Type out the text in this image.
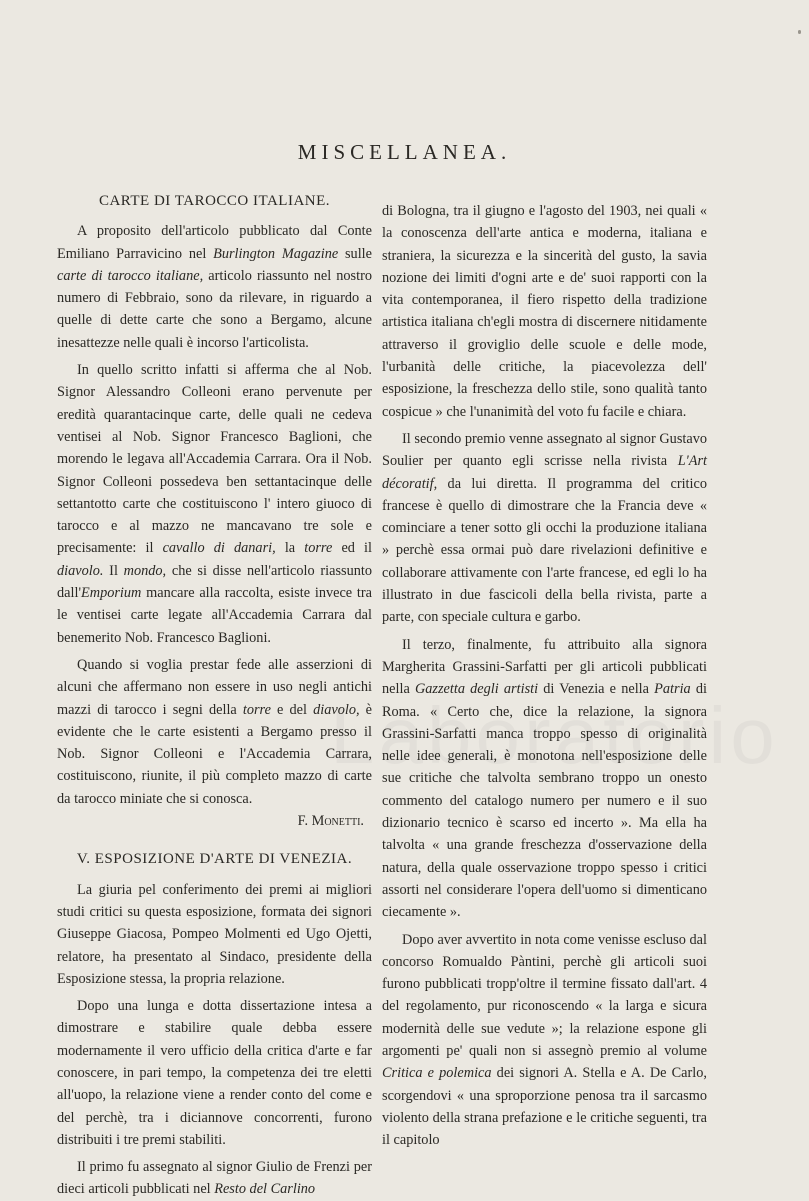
MISCELLANEA.
CARTE DI TAROCCO ITALIANE.

A proposito dell'articolo pubblicato dal Conte Emiliano Parravicino nel Burlington Magazine sulle carte di tarocco italiane, articolo riassunto nel nostro numero di Febbraio, sono da rilevare, in riguardo a quelle di dette carte che sono a Bergamo, alcune inesattezze nelle quali è incorso l'articolista.

In quello scritto infatti si afferma che al Nob. Signor Alessandro Colleoni erano pervenute per eredità quarantacinque carte, delle quali ne cedeva ventisei al Nob. Signor Francesco Baglioni, che morendo le legava all'Accademia Carrara. Ora il Nob. Signor Colleoni possedeva ben settantacinque delle settantotto carte che costituiscono l' intero giuoco di tarocco e al mazzo ne mancavano tre sole e precisamente: il cavallo di danari, la torre ed il diavolo. Il mondo, che si disse nell'articolo riassunto dall'Emporium mancare alla raccolta, esiste invece tra le ventisei carte legate all'Accademia Carrara dal benemerito Nob. Francesco Baglioni.

Quando si voglia prestar fede alle asserzioni di alcuni che affermano non essere in uso negli antichi mazzi di tarocco i segni della torre e del diavolo, è evidente che le carte esistenti a Bergamo presso il Nob. Signor Colleoni e l'Accademia Carrara, costituiscono, riunite, il più completo mazzo di carte da tarocco miniate che si conosca.

F. Monetti.
V. ESPOSIZIONE D'ARTE DI VENEZIA.

La giuria pel conferimento dei premi ai migliori studi critici su questa esposizione, formata dei signori Giuseppe Giacosa, Pompeo Molmenti ed Ugo Ojetti, relatore, ha presentato al Sindaco, presidente della Esposizione stessa, la propria relazione.

Dopo una lunga e dotta dissertazione intesa a dimostrare e stabilire quale debba essere modernamente il vero ufficio della critica d'arte e far conoscere, in pari tempo, la competenza dei tre eletti all'uopo, la relazione viene a render conto del come e del perchè, tra i diciannove concorrenti, furono distribuiti i tre premi stabiliti.

Il primo fu assegnato al signor Giulio de Frenzi per dieci articoli pubblicati nel Resto del Carlino

di Bologna, tra il giugno e l'agosto del 1903, nei quali « la conoscenza dell'arte antica e moderna, italiana e straniera, la sicurezza e la sincerità del gusto, la savia nozione dei limiti d'ogni arte e de' suoi rapporti con la vita contemporanea, il fiero rispetto della tradizione artistica italiana ch'egli mostra di discernere nitidamente attraverso il groviglio delle scuole e delle mode, l'urbanità delle critiche, la piacevolezza dell' esposizione, la freschezza dello stile, sono qualità tanto cospicue » che l'unanimità del voto fu facile e chiara.

Il secondo premio venne assegnato al signor Gustavo Soulier per quanto egli scrisse nella rivista L'Art décoratif, da lui diretta. Il programma del critico francese è quello di dimostrare che la Francia deve « cominciare a tener sotto gli occhi la produzione italiana » perchè essa ormai può dare rivelazioni definitive e collaborare attivamente con l'arte francese, ed egli lo ha illustrato in due fascicoli della bella rivista, parte a parte, con speciale cultura e garbo.

Il terzo, finalmente, fu attribuito alla signora Margherita Grassini-Sarfatti per gli articoli pubblicati nella Gazzetta degli artisti di Venezia e nella Patria di Roma. « Certo che, dice la relazione, la signora Grassini-Sarfatti manca troppo spesso di originalità nelle idee generali, è monotona nell'esposizione delle sue critiche che talvolta sembrano troppo un onesto commento del catalogo numero per numero e il suo dizionario tecnico è scarso ed incerto ». Ma ella ha talvolta « una grande freschezza d'osservazione della natura, della quale osservazione troppo spesso i critici assorti nel considerare l'opera dell'uomo si dimenticano ciecamente ».

Dopo aver avvertito in nota come venisse escluso dal concorso Romualdo Pàntini, perchè gli articoli suoi furono pubblicati tropp'oltre il termine fissato dall'art. 4 del regolamento, pur riconoscendo « la larga e sicura modernità delle sue vedute »; la relazione espone gli argomenti pe' quali non si assegnò premio al volume Critica e polemica dei signori A. Stella e A. De Carlo, scorgendovi « una sproporzione penosa tra il sarcasmo violento della strana prefazione e le critiche seguenti, tra il capitolo
